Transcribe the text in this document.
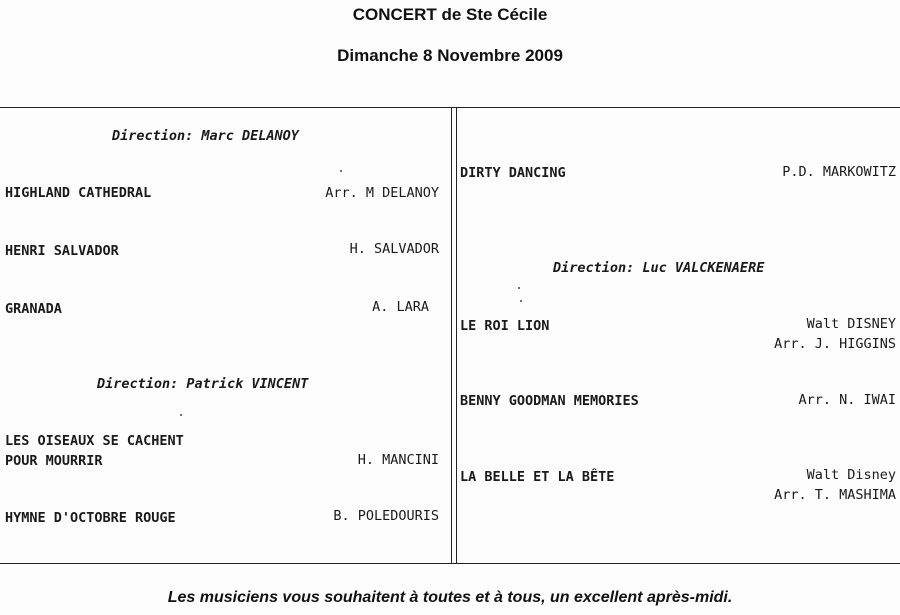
CONCERT de Ste Cécile
Dimanche 8 Novembre 2009
Direction: Marc DELANOY
HIGHLAND CATHEDRAL	Arr. M DELANOY
HENRI SALVADOR	H. SALVADOR
GRANADA	A. LARA
Direction: Patrick VINCENT
LES OISEAUX SE CACHENT
POUR MOURRIR	H. MANCINI
HYMNE D'OCTOBRE ROUGE	B. POLEDOURIS
DIRTY DANCING	P.D. MARKOWITZ
Direction: Luc VALCKENAERE
LE ROI LION	Walt DISNEY
Arr. J. HIGGINS
BENNY GOODMAN MEMORIES	Arr. N. IWAI
LA BELLE ET LA BÊTE	Walt Disney
Arr. T. MASHIMA
Les musiciens vous souhaitent à toutes et à tous, un excellent après-midi.
